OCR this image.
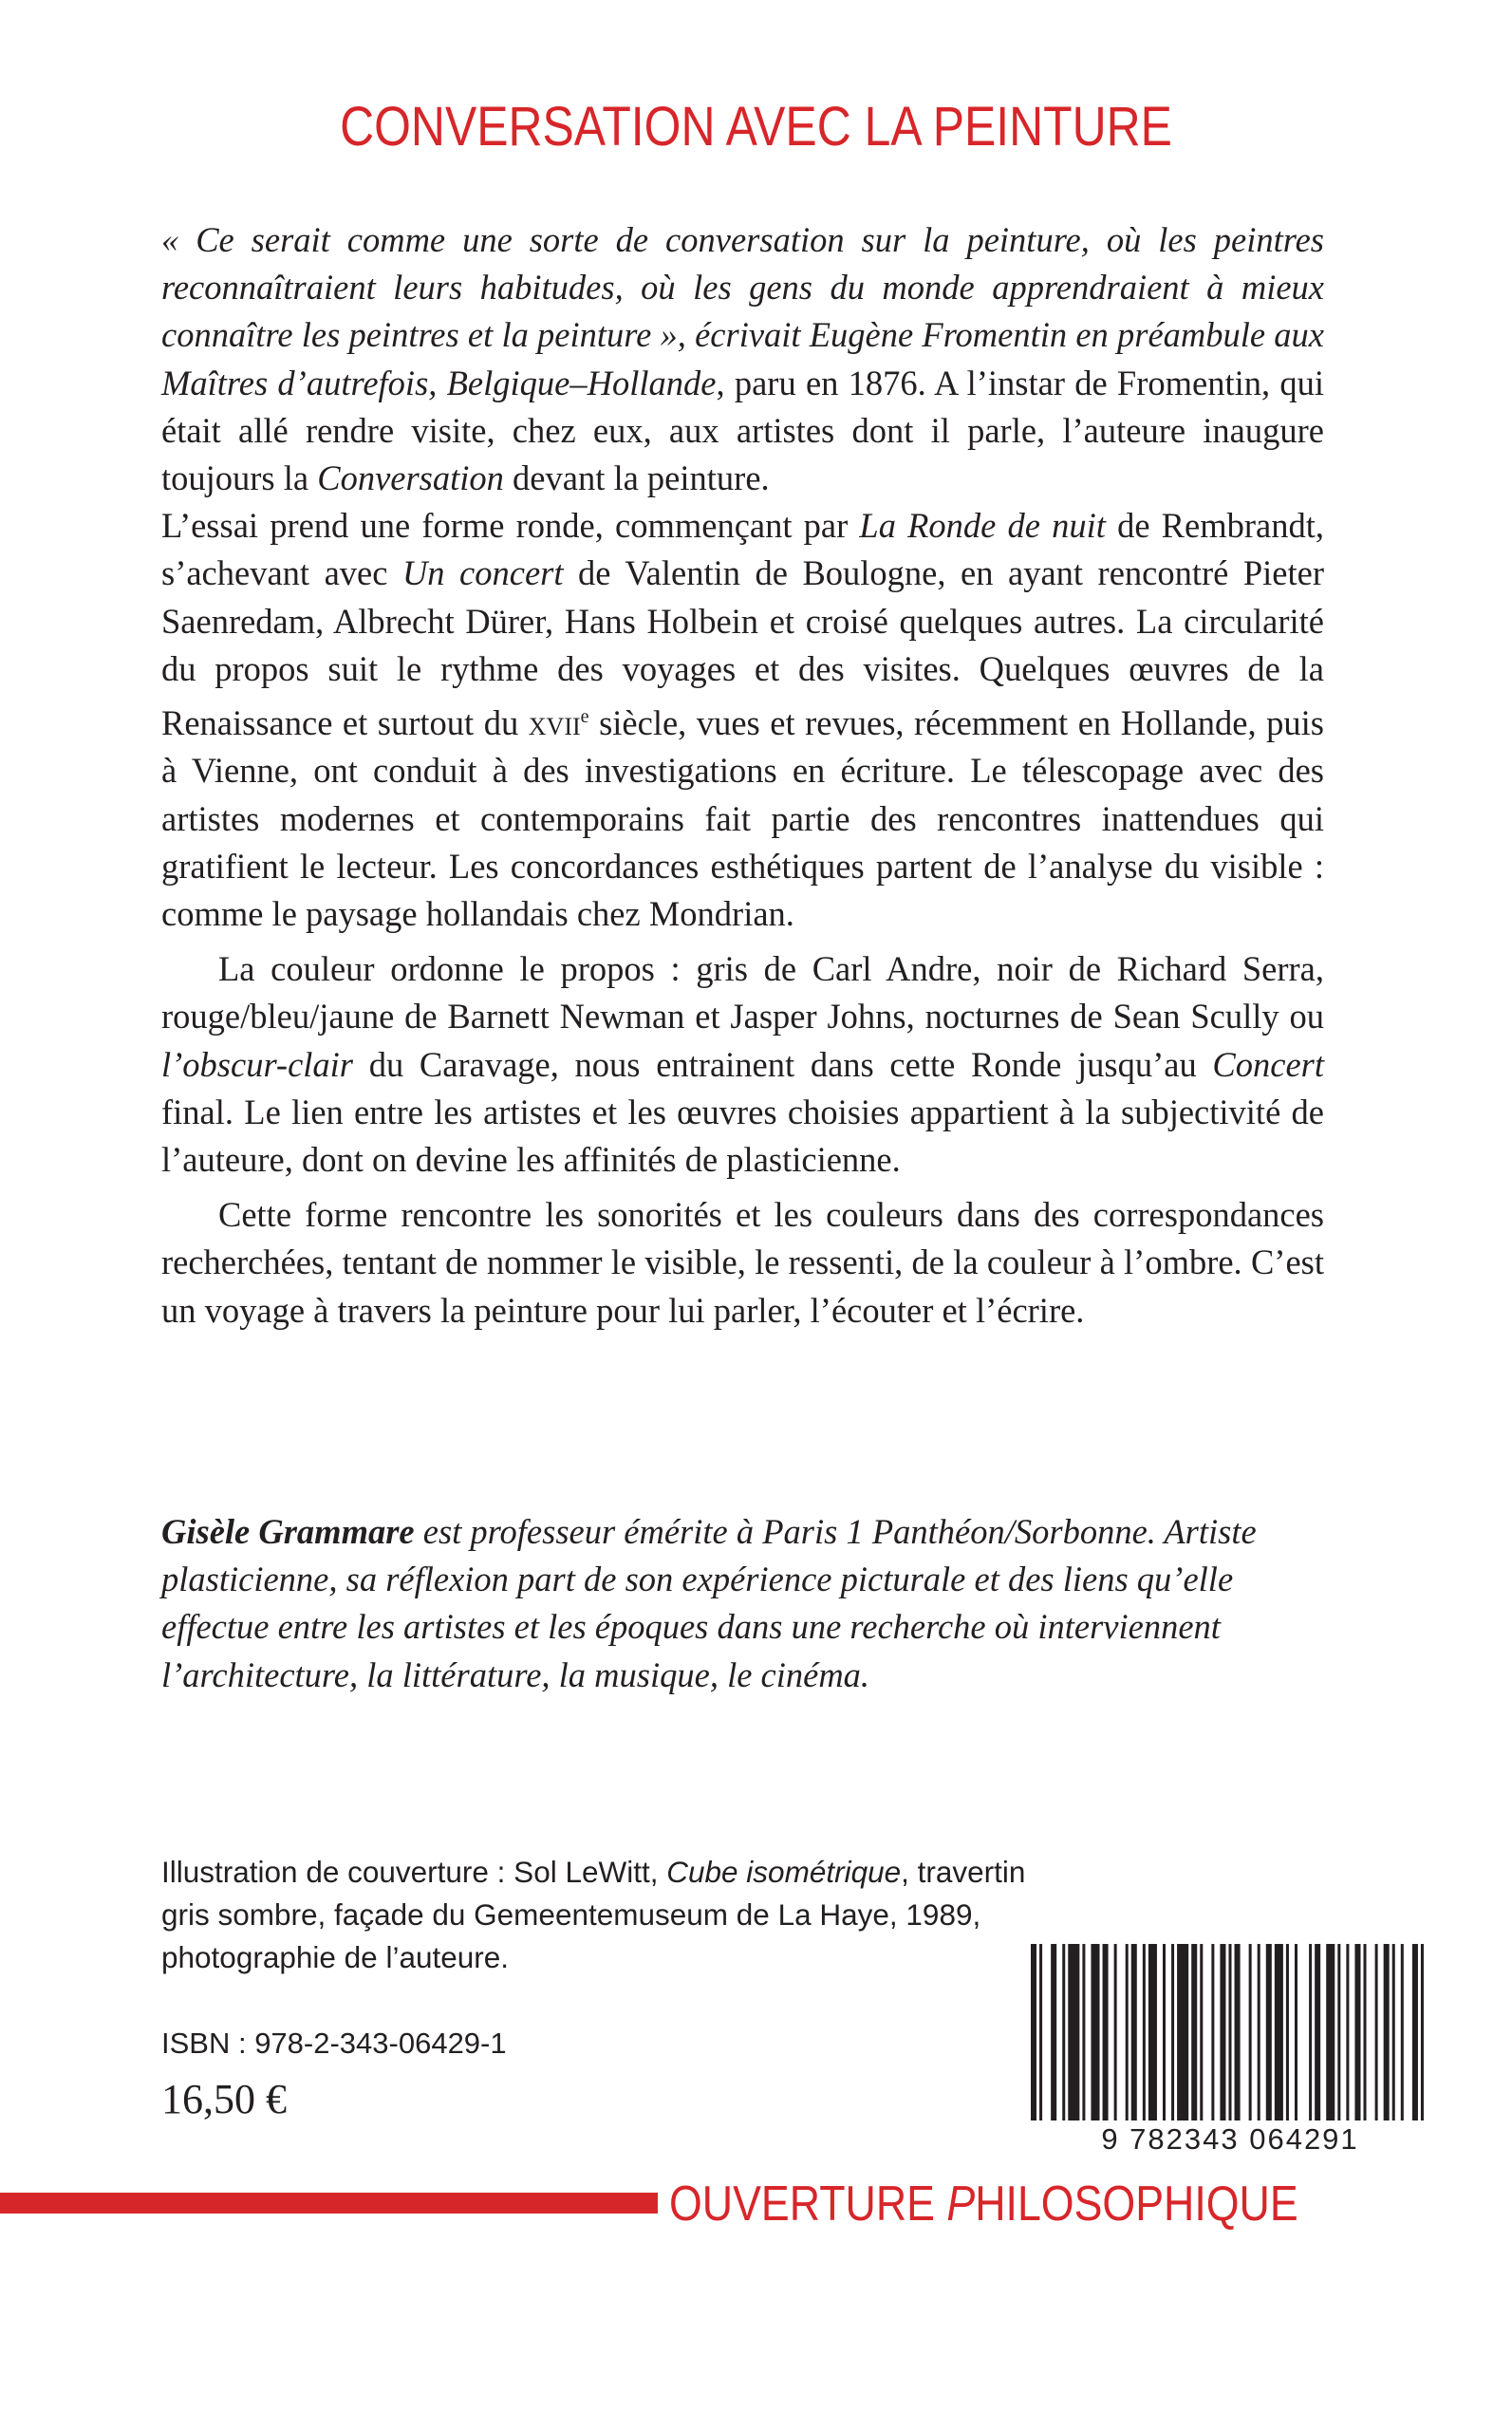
CONVERSATION AVEC LA PEINTURE

« Ce serait comme une sorte de conversation sur la peinture, où les peintres reconnaîtraient leurs habitudes, où les gens du monde apprendraient à mieux connaître les peintres et la peinture », écrivait Eugène Fromentin en préambule aux Maîtres d’autrefois, Belgique–Hollande, paru en 1876. A l’instar de Fromentin, qui était allé rendre visite, chez eux, aux artistes dont il parle, l’auteure inaugure toujours la Conversation devant la peinture.

L’essai prend une forme ronde, commençant par La Ronde de nuit de Rembrandt, s’achevant avec Un concert de Valentin de Boulogne, en ayant rencontré Pieter Saenredam, Albrecht Dürer, Hans Holbein et croisé quelques autres. La circularité du propos suit le rythme des voyages et des visites. Quelques œuvres de la Renaissance et surtout du xvii$^e$ siècle, vues et revues, récemment en Hollande, puis à Vienne, ont conduit à des investigations en écriture. Le télescopage avec des artistes modernes et contemporains fait partie des rencontres inattendues qui gratifient le lecteur. Les concordances esthétiques partent de l’analyse du visible : comme le paysage hollandais chez Mondrian.

La couleur ordonne le propos : gris de Carl Andre, noir de Richard Serra, rouge/bleu/jaune de Barnett Newman et Jasper Johns, nocturnes de Sean Scully ou l’obscur-clair du Caravage, nous entrainent dans cette Ronde jusqu’au Concert final. Le lien entre les artistes et les œuvres choisies appartient à la subjectivité de l’auteure, dont on devine les affinités de plasticienne.

Cette forme rencontre les sonorités et les couleurs dans des correspondances recherchées, tentant de nommer le visible, le ressenti, de la couleur à l’ombre. C’est un voyage à travers la peinture pour lui parler, l’écouter et l’écrire.

Gisèle Grammare est professeur émérite à Paris 1 Panthéon/Sorbonne. Artiste plasticienne, sa réflexion part de son expérience picturale et des liens qu’elle effectue entre les artistes et les époques dans une recherche où interviennent l’architecture, la littérature, la musique, le cinéma.

Illustration de couverture : Sol LeWitt, Cube isométrique, travertin gris sombre, façade du Gemeentemuseum de La Haye, 1989, photographie de l’auteure.

ISBN : 978-2-343-06429-1
16,50 €
9 782343 064291
OUVERTURE PHILOSOPHIQUE
